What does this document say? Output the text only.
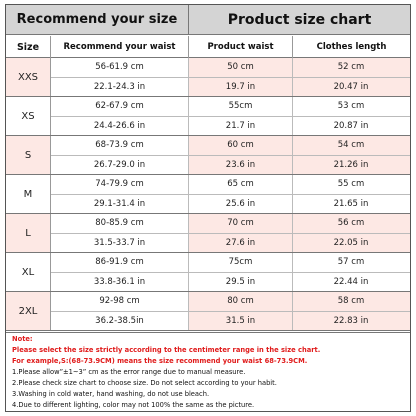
Recommend your size	Product size chart
Size	Recommend your waist	Product waist	Clothes length
XXS
56-61.9 cm	50 cm	52 cm
22.1-24.3 in	19.7 in	20.47 in
XS
62-67.9 cm	55cm	53 cm
24.4-26.6 in	21.7 in	20.87 in
S
68-73.9 cm	60 cm	54 cm
26.7-29.0 in	23.6 in	21.26 in
M
74-79.9 cm	65 cm	55 cm
29.1-31.4 in	25.6 in	21.65 in
L
80-85.9 cm	70 cm	56 cm
31.5-33.7 in	27.6 in	22.05 in
XL
86-91.9 cm	75cm	57 cm
33.8-36.1 in	29.5 in	22.44 in
2XL
92-98 cm	80 cm	58 cm
36.2-38.5in	31.5 in	22.83 in
Note:
Please select the size strictly according to the centimeter range in the size chart.
For example,S:(68-73.9CM) means the size recommend your waist 68-73.9CM.
1.Please allow”±1~3” cm as the error range due to manual measure.
2.Please check size chart to choose size. Do not select according to your habit.
3.Washing in cold water, hand washing, do not use bleach.
4.Due to different lighting, color may not 100% the same as the picture.
